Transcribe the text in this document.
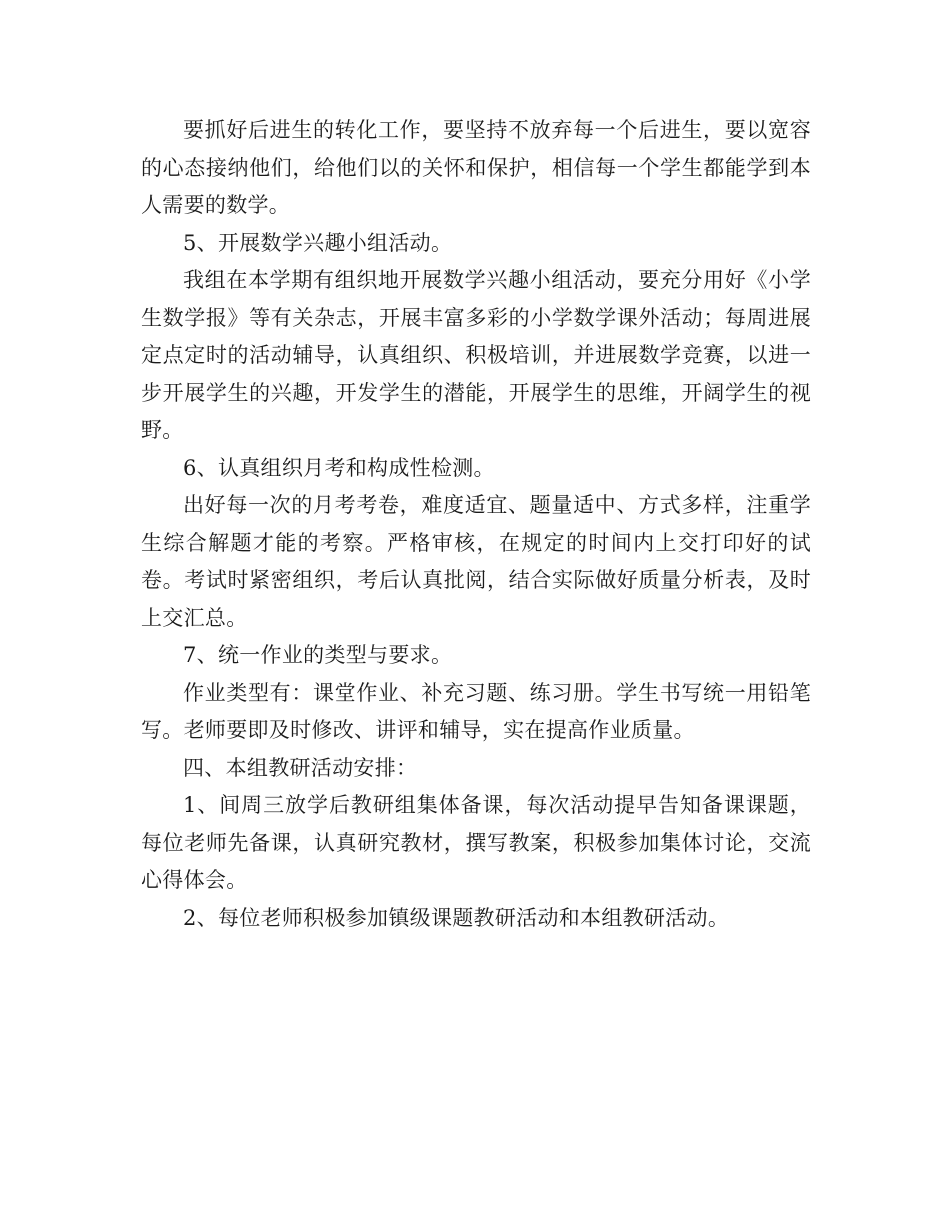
要抓好后进生的转化工作，要坚持不放弃每一个后进生，要以宽容的心态接纳他们，给他们以的关怀和保护，相信每一个学生都能学到本人需要的数学。

5、开展数学兴趣小组活动。

我组在本学期有组织地开展数学兴趣小组活动，要充分用好《小学生数学报》等有关杂志，开展丰富多彩的小学数学课外活动；每周进展定点定时的活动辅导，认真组织、积极培训，并进展数学竞赛，以进一步开展学生的兴趣，开发学生的潜能，开展学生的思维，开阔学生的视野。

6、认真组织月考和构成性检测。

出好每一次的月考考卷，难度适宜、题量适中、方式多样，注重学生综合解题才能的考察。严格审核，在规定的时间内上交打印好的试卷。考试时紧密组织，考后认真批阅，结合实际做好质量分析表，及时上交汇总。

7、统一作业的类型与要求。

作业类型有：课堂作业、补充习题、练习册。学生书写统一用铅笔写。老师要即及时修改、讲评和辅导，实在提高作业质量。

四、本组教研活动安排：

1、间周三放学后教研组集体备课，每次活动提早告知备课课题，每位老师先备课，认真研究教材，撰写教案，积极参加集体讨论，交流心得体会。

2、每位老师积极参加镇级课题教研活动和本组教研活动。
